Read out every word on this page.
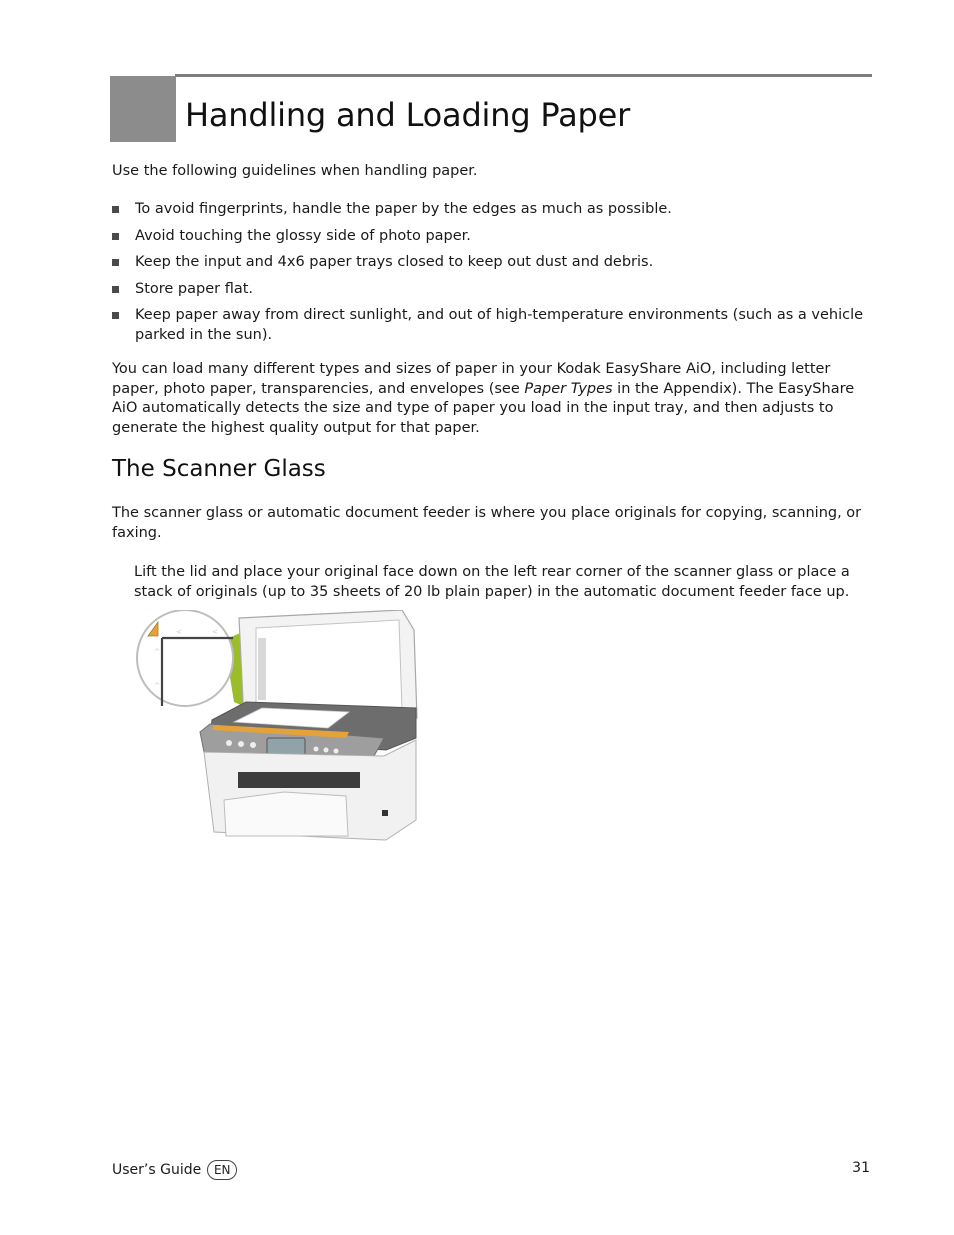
Handling and Loading Paper

Use the following guidelines when handling paper.

To avoid fingerprints, handle the paper by the edges as much as possible.
Avoid touching the glossy side of photo paper.
Keep the input and 4x6 paper trays closed to keep out dust and debris.
Store paper flat.
Keep paper away from direct sunlight, and out of high-temperature environments (such as a vehicle parked in the sun).

You can load many different types and sizes of paper in your Kodak EasyShare AiO, including letter paper, photo paper, transparencies, and envelopes (see Paper Types in the Appendix). The EasyShare AiO automatically detects the size and type of paper you load in the input tray, and then adjusts to generate the highest quality output for that paper.

The Scanner Glass

The scanner glass or automatic document feeder is where you place originals for copying, scanning, or faxing.

Lift the lid and place your original face down on the left rear corner of the scanner glass or place a stack of originals (up to 35 sheets of 20 lb plain paper) in the automatic document feeder face up.

<	<
^
^
User’s Guide	EN	31
